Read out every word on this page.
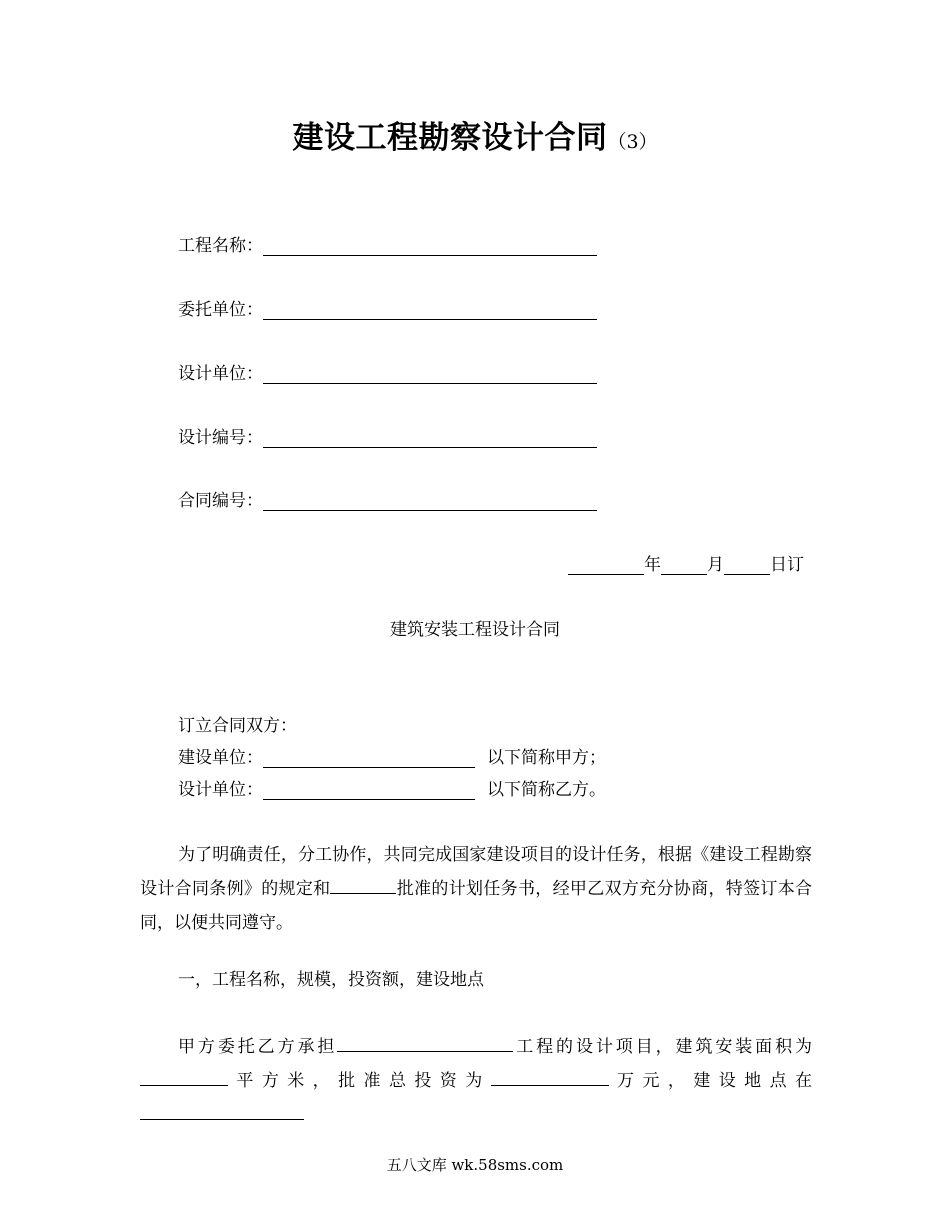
建设工程勘察设计合同（3）
工程名称：
委托单位：
设计单位：
设计编号：
合同编号：
年	月	日订
建筑安装工程设计合同
订立合同双方：
建设单位：	以下简称甲方；
设计单位：	以下简称乙方。
为了明确责任，分工协作，共同完成国家建设项目的设计任务，根据《建设工程勘察设计合同条例》的规定和	批准的计划任务书，经甲乙双方充分协商，特签订本合同，以便共同遵守。
一，工程名称，规模，投资额，建设地点
甲方委托乙方承担	工程的设计项目，建筑安装面积为平方米，批准总投资为	万元，建设地点在
五八文库 wk.58sms.com
